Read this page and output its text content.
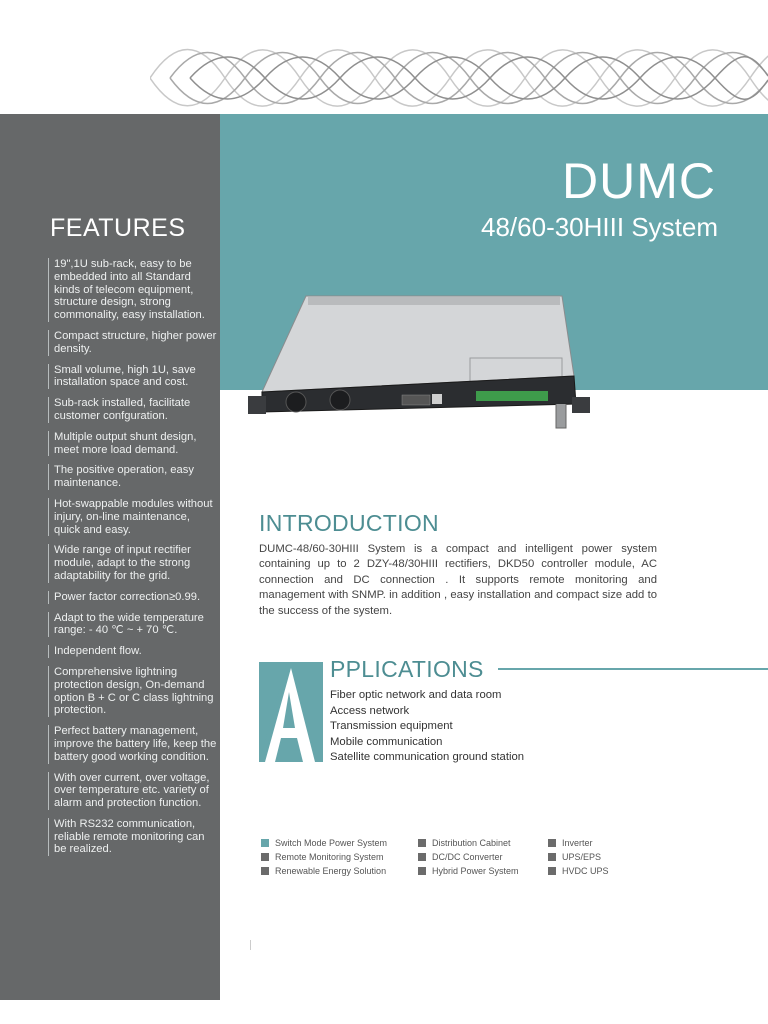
FEATURES
19",1U sub-rack, easy to be embedded into all Standard kinds of telecom equipment, structure design, strong commonality, easy installation.
Compact structure, higher power density.
Small volume, high 1U, save installation space and cost.
Sub-rack installed, facilitate customer confguration.
Multiple output shunt design, meet more load demand.
The positive operation, easy maintenance.
Hot-swappable modules without injury, on-line maintenance, quick and easy.
Wide range of input rectifier module, adapt to the strong adaptability for the grid.
Power factor correction≥0.99.
Adapt to the wide temperature range: - 40 ℃ ~ + 70 ℃.
Independent flow.
Comprehensive lightning protection design, On-demand option B + C or C class lightning protection.
Perfect battery management, improve the battery life, keep the battery good working condition.
With over current, over voltage, over temperature etc. variety of alarm and protection function.
With RS232 communication, reliable remote monitoring can be realized.
DUMC
48/60-30HIII System
INTRODUCTION
DUMC-48/60-30HIII System is a compact and intelligent power system containing up to 2 DZY-48/30HIII rectifiers, DKD50 controller module, AC connection and DC connection . It supports remote monitoring and management with SNMP. in addition , easy installation and compact size add to the success of the system.
PPLICATIONS
Fiber optic network and data room
Access network
Transmission equipment
Mobile communication
Satellite communication ground station
Switch Mode Power System
Remote Monitoring System
Renewable Energy Solution
Distribution Cabinet
DC/DC Converter
Hybrid Power System
Inverter
UPS/EPS
HVDC UPS
